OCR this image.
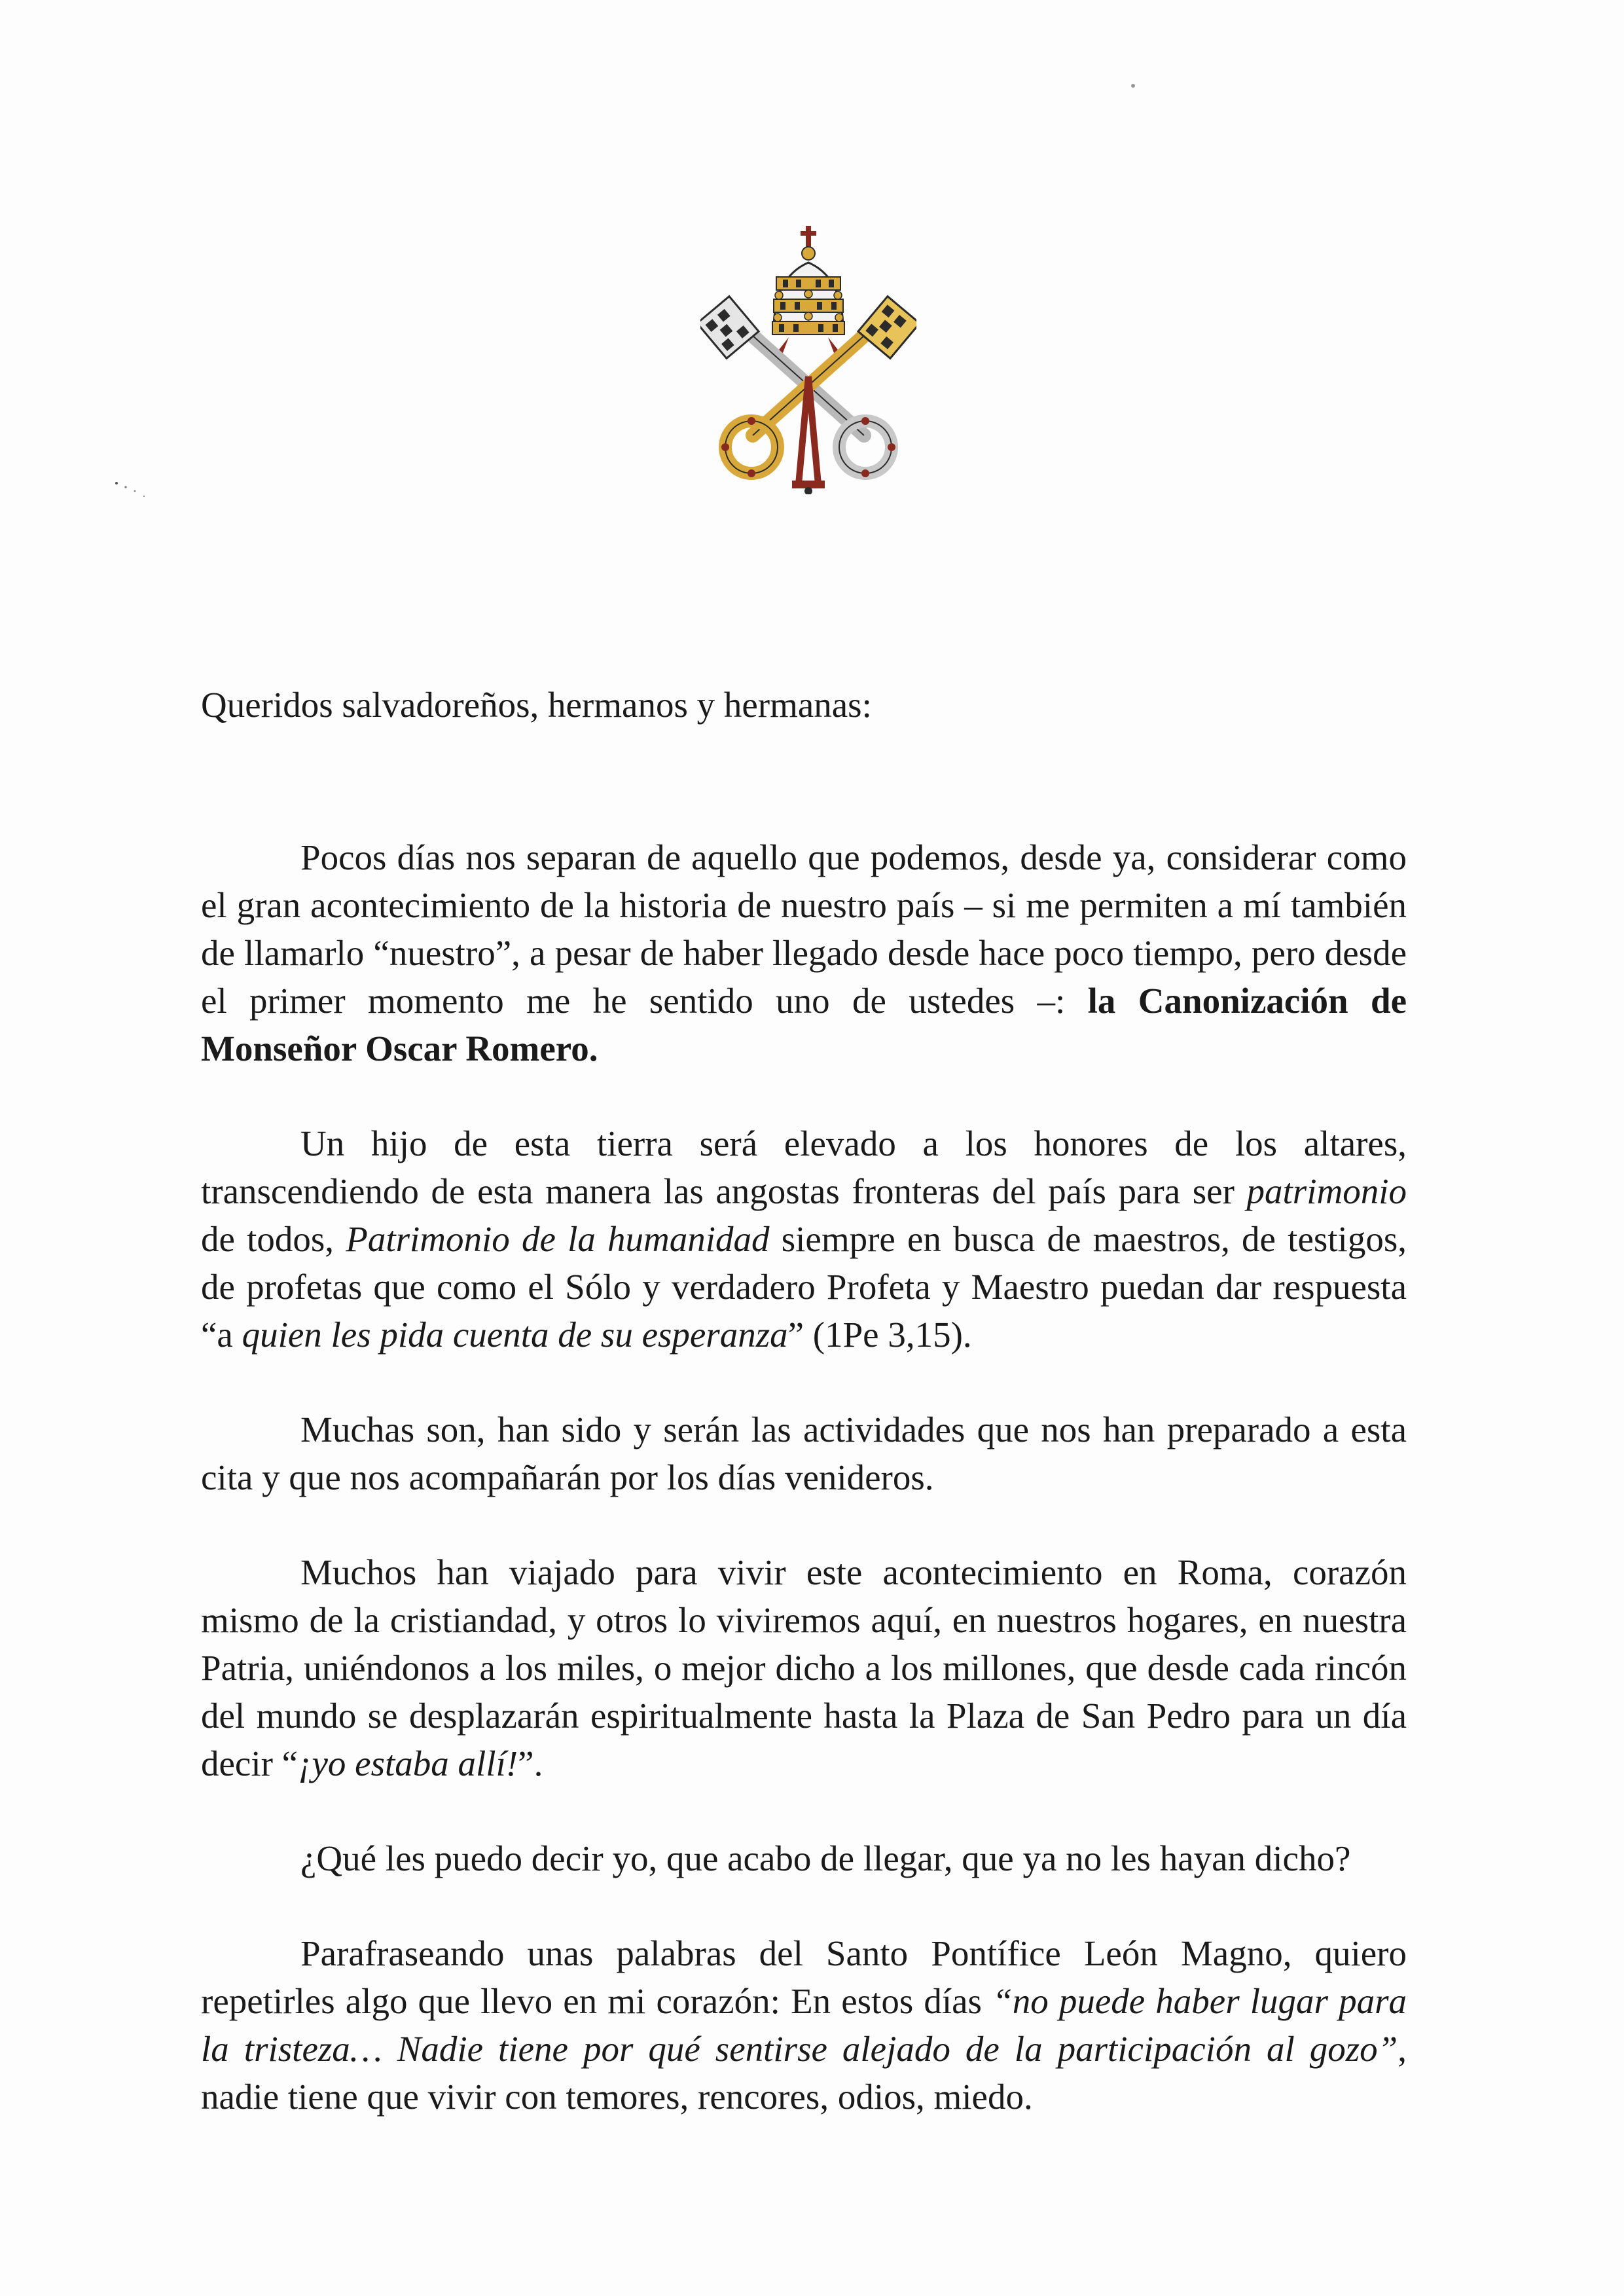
Queridos salvadoreños, hermanos y hermanas:

Pocos días nos separan de aquello que podemos, desde ya, considerar como el gran acontecimiento de la historia de nuestro país – si me permiten a mí también de llamarlo “nuestro”, a pesar de haber llegado desde hace poco tiempo, pero desde el primer momento me he sentido uno de ustedes –: la Canonización de Monseñor Oscar Romero.

Un hijo de esta tierra será elevado a los honores de los altares, transcendiendo de esta manera las angostas fronteras del país para ser patrimonio de todos, Patrimonio de la humanidad siempre en busca de maestros, de testigos, de profetas que como el Sólo y verdadero Profeta y Maestro puedan dar respuesta “a quien les pida cuenta de su esperanza” (1Pe 3,15).

Muchas son, han sido y serán las actividades que nos han preparado a esta cita y que nos acompañarán por los días venideros.

Muchos han viajado para vivir este acontecimiento en Roma, corazón mismo de la cristiandad, y otros lo viviremos aquí, en nuestros hogares, en nuestra Patria, uniéndonos a los miles, o mejor dicho a los millones, que desde cada rincón del mundo se desplazarán espiritualmente hasta la Plaza de San Pedro para un día decir “¡yo estaba allí!”.

¿Qué les puedo decir yo, que acabo de llegar, que ya no les hayan dicho?

Parafraseando unas palabras del Santo Pontífice León Magno, quiero repetirles algo que llevo en mi corazón: En estos días “no puede haber lugar para la tristeza… Nadie tiene por qué sentirse alejado de la participación al gozo”, nadie tiene que vivir con temores, rencores, odios, miedo.
